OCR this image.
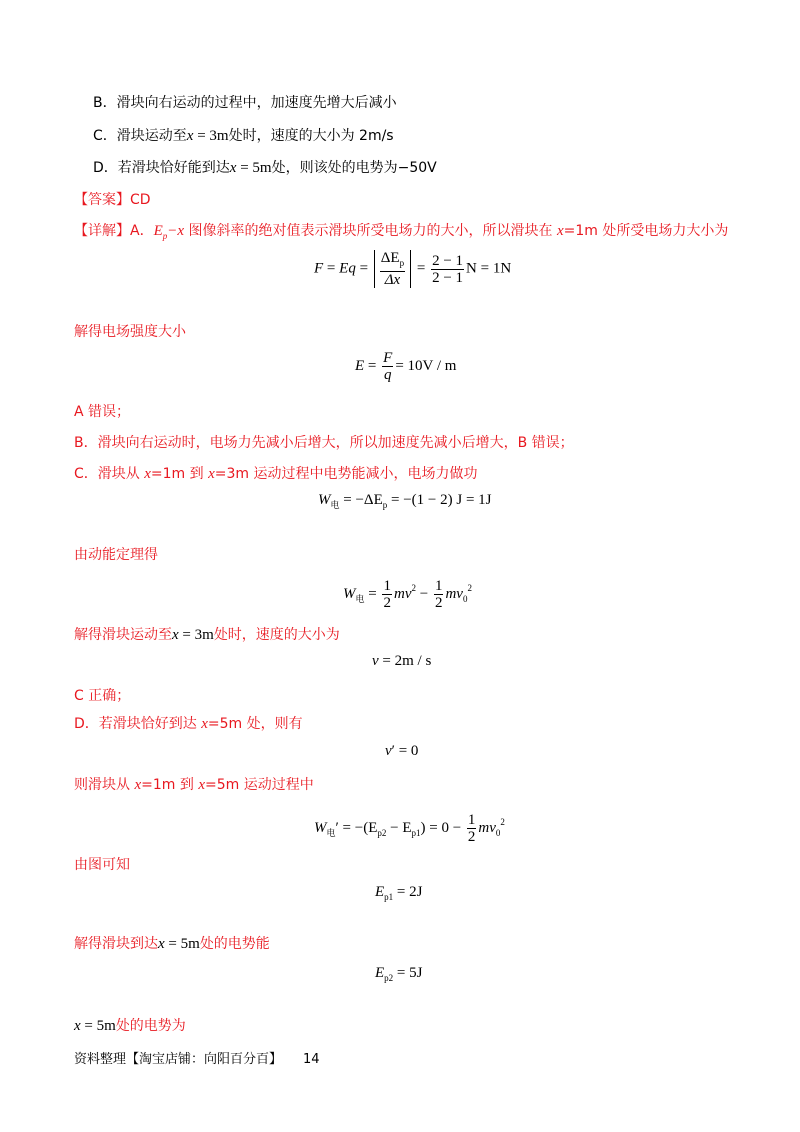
B．滑块向右运动的过程中，加速度先增大后减小
C．滑块运动至x = 3m处时，速度的大小为 2m/s
D．若滑块恰好能到达x = 5m处，则该处的电势为−50V
【答案】CD
【详解】A．$E_p-x$ 图像斜率的绝对值表示滑块所受电场力的大小，所以滑块在 x=1m 处所受电场力大小为
$F = Eq = \frac{\Delta E_p}{\Delta x} = \frac{2 - 1}{2 - 1}$ N = 1N
解得电场强度大小
$E = \frac{F}{q} = 10V / m$
A 错误；
B．滑块向右运动时，电场力先减小后增大，所以加速度先减小后增大，B 错误；
C．滑块从 x=1m 到 x=3m 运动过程中电势能减小，电场力做功
$W_电 = -\Delta E_p = -(1 - 2) J = 1J$
由动能定理得
$W_电 = \frac{1}{2} mv^2 - \frac{1}{2} mv_0^2$
解得滑块运动至x = 3m处时，速度的大小为
v = 2m / s
C 正确；
D．若滑块恰好到达 x=5m 处，则有
v′ = 0
则滑块从 x=1m 到 x=5m 运动过程中
$W_电' = -(E_{p2} - E_{p1}) = 0 - \frac{1}{2} mv_0^2$
由图可知
$E_{p1} = 2J$
解得滑块到达x = 5m处的电势能
$E_{p2} = 5J$
x = 5m处的电势为
资料整理【淘宝店铺：向阳百分百】 14
